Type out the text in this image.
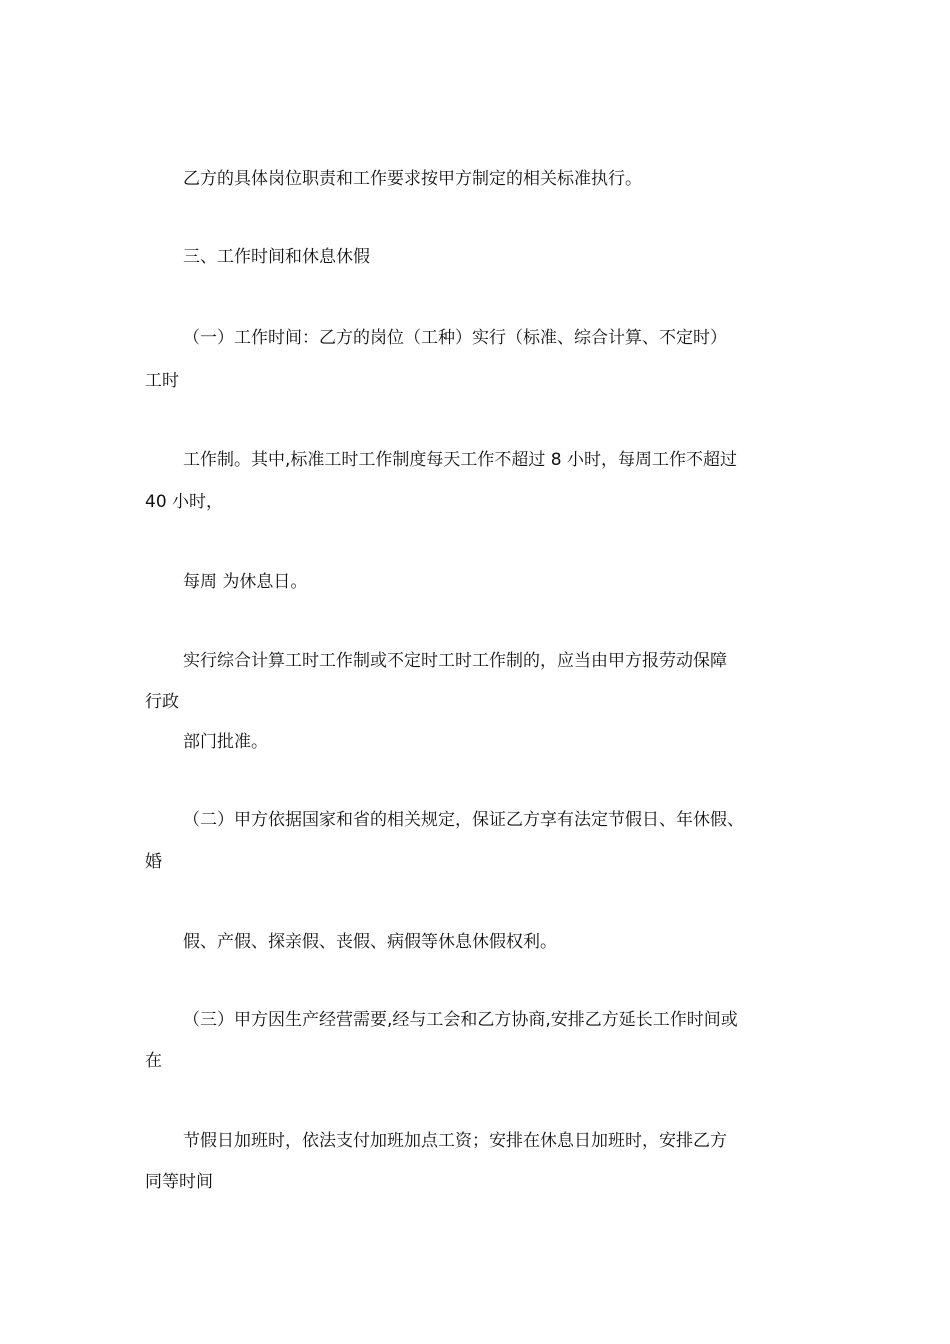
乙方的具体岗位职责和工作要求按甲方制定的相关标准执行。

三、工作时间和休息休假

（一）工作时间：乙方的岗位（工种）实行（标准、综合计算、不定时）

工时

工作制。其中,标准工时工作制度每天工作不超过 8 小时，每周工作不超过

40 小时，

每周 为休息日。

实行综合计算工时工作制或不定时工时工作制的，应当由甲方报劳动保障

行政

部门批准。

（二）甲方依据国家和省的相关规定，保证乙方享有法定节假日、年休假、

婚

假、产假、探亲假、丧假、病假等休息休假权利。

（三）甲方因生产经营需要,经与工会和乙方协商,安排乙方延长工作时间或

在

节假日加班时，依法支付加班加点工资；安排在休息日加班时，安排乙方

同等时间
